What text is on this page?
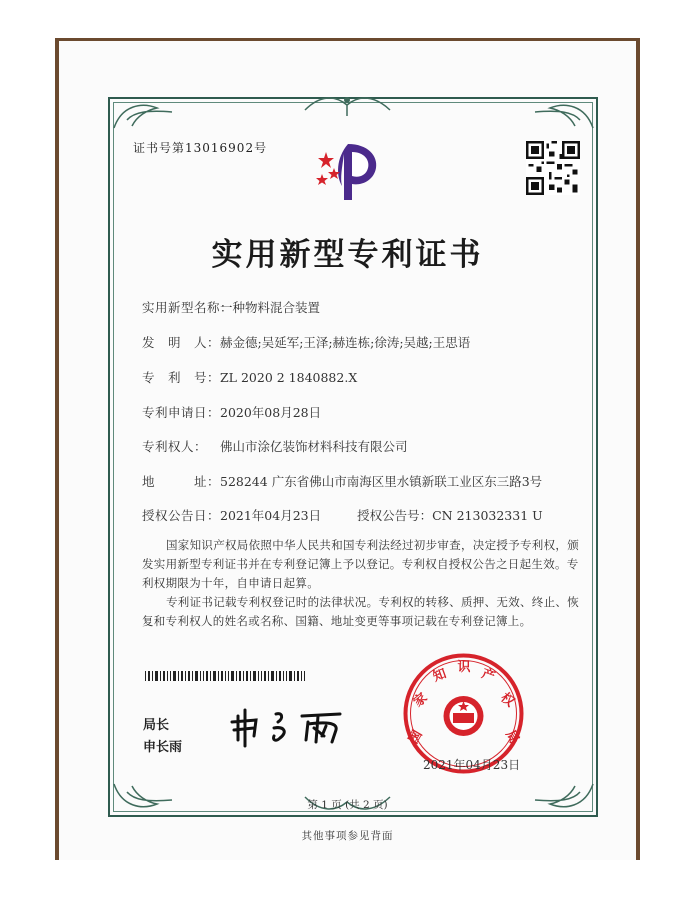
证书号第13016902号
实用新型专利证书
实用新型名称：一种物料混合装置
发　明　人：赫金德;吴延军;王泽;赫连栋;徐涛;吴越;王思语
专　利　号：ZL 2020 2 1840882.X
专利申请日：2020年08月28日
专利权人： 佛山市涂亿装饰材料科技有限公司
地　　　址：528244 广东省佛山市南海区里水镇新联工业区东三路3号
授权公告日：2021年04月23日	授权公告号：CN 213032331 U
国家知识产权局依照中华人民共和国专利法经过初步审查，决定授予专利权，颁发实用新型专利证书并在专利登记簿上予以登记。专利权自授权公告之日起生效。专利权期限为十年，自申请日起算。
专利证书记载专利权登记时的法律状况。专利权的转移、质押、无效、终止、恢复和专利权人的姓名或名称、国籍、地址变更等事项记载在专利登记簿上。
局长
申长雨
国
家
知 识 产
权
局
2021年04月23日
第 1 页 (共 2 页)
其他事项参见背面
